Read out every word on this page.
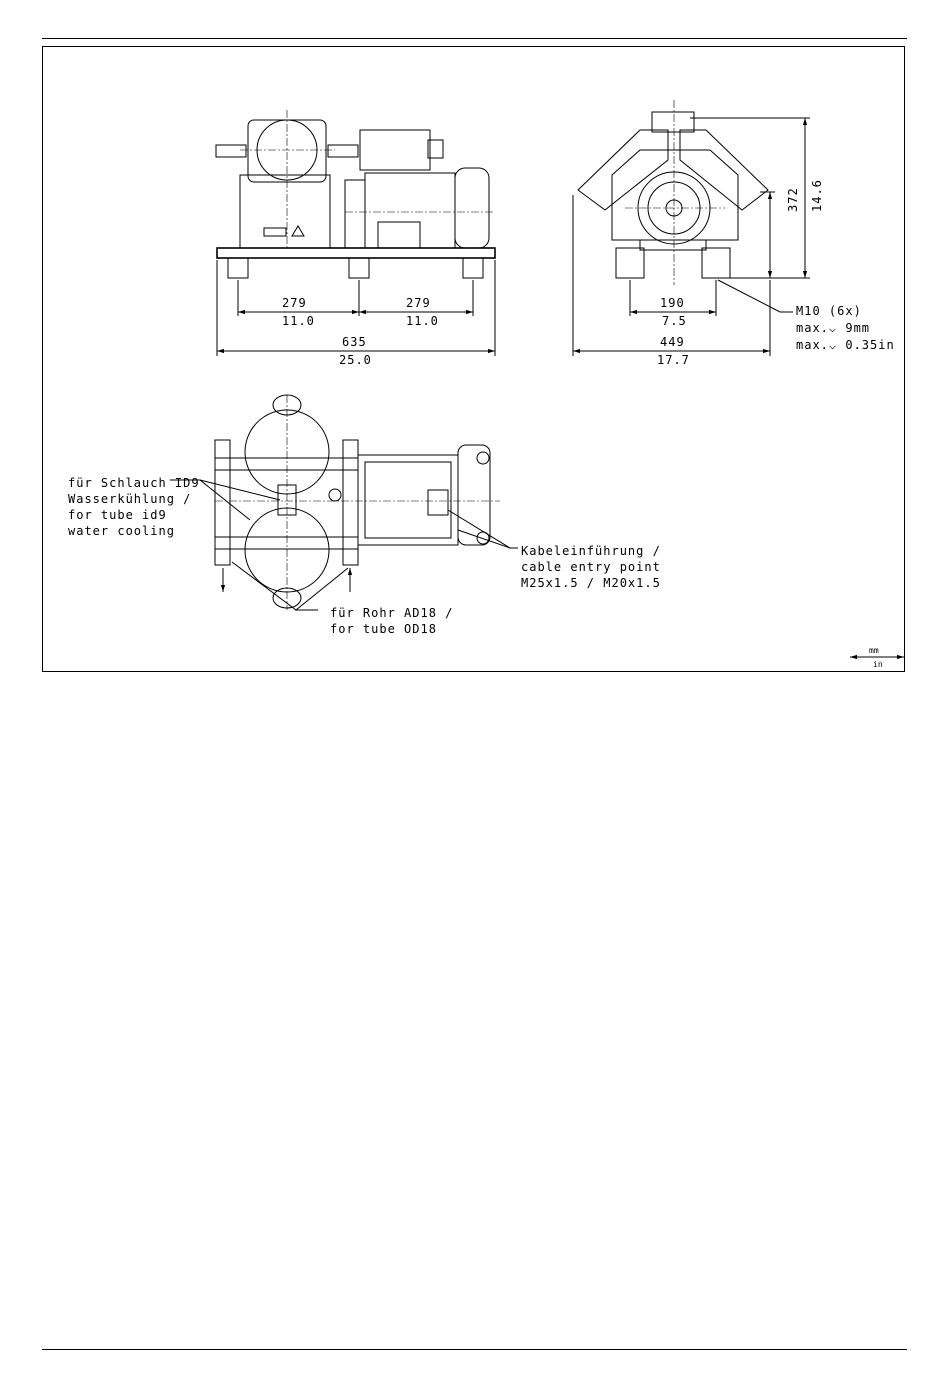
279
11.0
279
11.0
635
25.0
372 14.6
190
7.5
449
17.7
M10 (6x)
max.⌵ 9mm
max.⌵ 0.35in
für Schlauch ID9
Wasserkühlung /
for tube id9
water cooling
für Rohr AD18 /
for tube OD18
Kabeleinführung /
cable entry point
M25x1.5 / M20x1.5
mm
in
